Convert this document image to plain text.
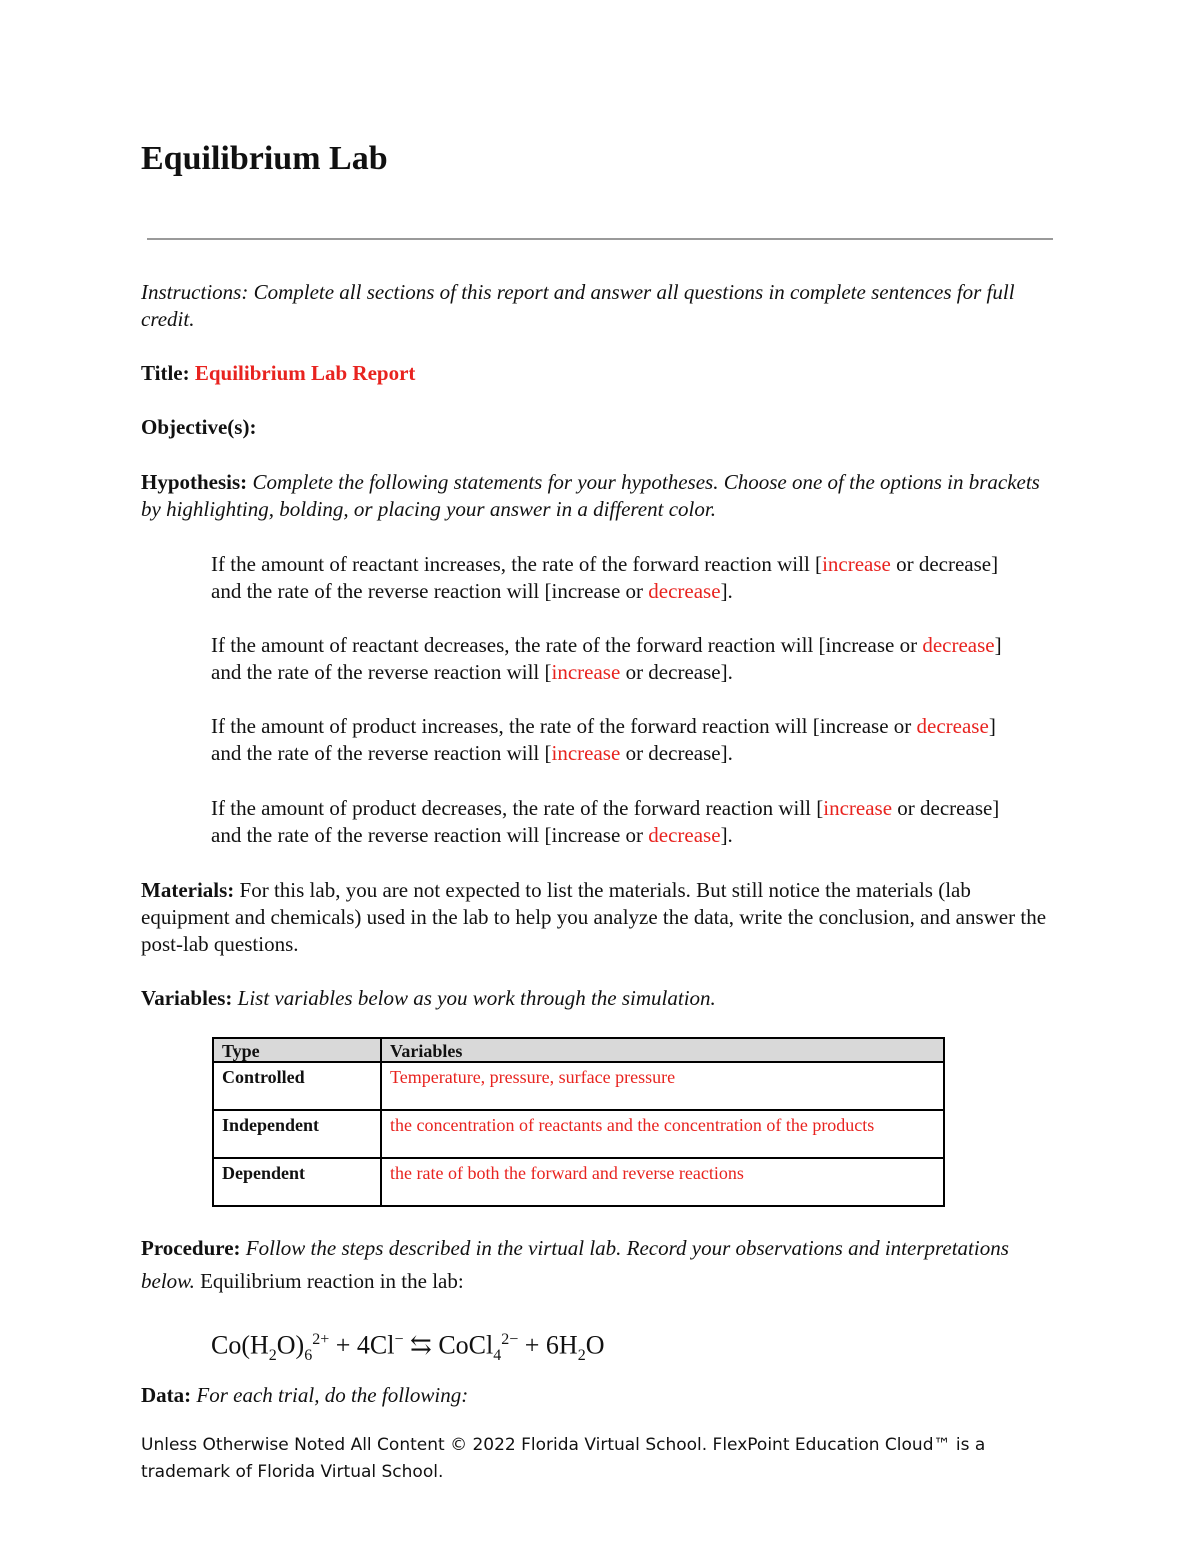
Equilibrium Lab

Instructions: Complete all sections of this report and answer all questions in complete sentences for full credit.

Title: Equilibrium Lab Report

Objective(s):

Hypothesis: Complete the following statements for your hypotheses. Choose one of the options in brackets by highlighting, bolding, or placing your answer in a different color.

If the amount of reactant increases, the rate of the forward reaction will [increase or decrease] and the rate of the reverse reaction will [increase or decrease].

If the amount of reactant decreases, the rate of the forward reaction will [increase or decrease] and the rate of the reverse reaction will [increase or decrease].

If the amount of product increases, the rate of the forward reaction will [increase or decrease] and the rate of the reverse reaction will [increase or decrease].

If the amount of product decreases, the rate of the forward reaction will [increase or decrease] and the rate of the reverse reaction will [increase or decrease].

Materials: For this lab, you are not expected to list the materials. But still notice the materials (lab equipment and chemicals) used in the lab to help you analyze the data, write the conclusion, and answer the post-lab questions.

Variables: List variables below as you work through the simulation.

Type	Variables
Controlled	Temperature, pressure, surface pressure
Independent	the concentration of reactants and the concentration of the products
Dependent	the rate of both the forward and reverse reactions

Procedure: Follow the steps described in the virtual lab. Record your observations and interpretations below. Equilibrium reaction in the lab:

$Co(H_2O)_6^{2+} + 4Cl^-$ ⇆ CoCl$_4^{2-}$ + $6H_2O$

Data: For each trial, do the following:

Unless Otherwise Noted All Content © 2022 Florida Virtual School. FlexPoint Education Cloud™ is a trademark of Florida Virtual School.
